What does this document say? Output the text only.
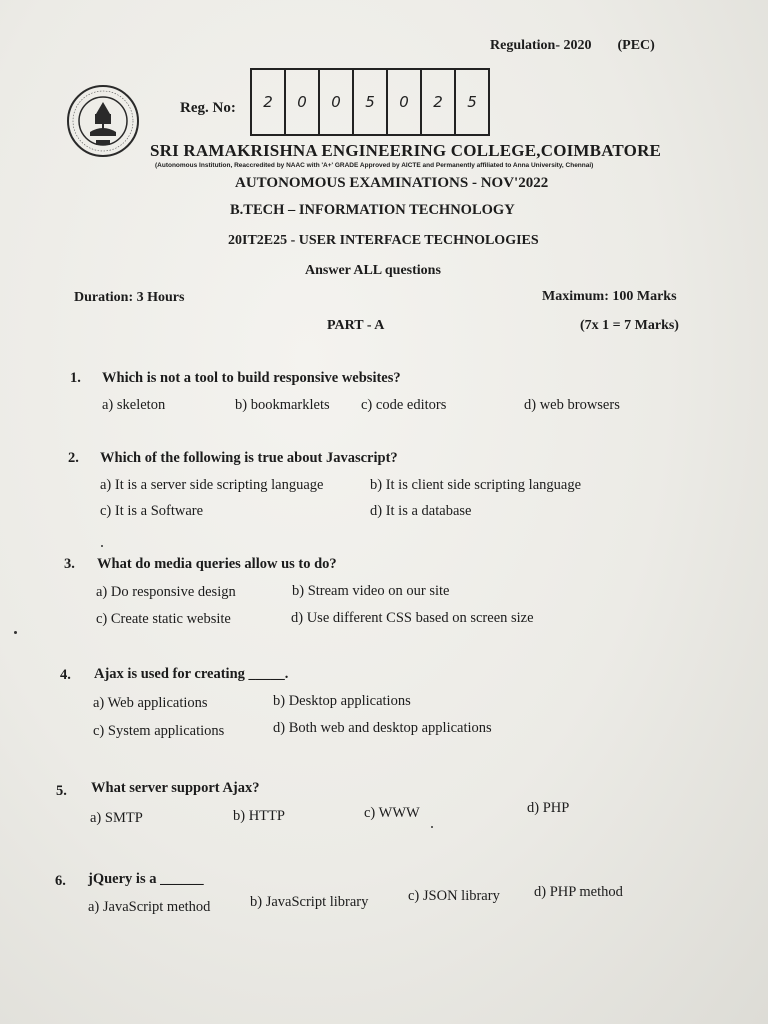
Regulation- 2020 (PEC)
Reg. No:	2	0	0	5	0	2	5
SRI RAMAKRISHNA ENGINEERING COLLEGE,COIMBATORE
(Autonomous Institution, Reaccredited by NAAC with 'A+' GRADE Approved by AICTE and Permanently affiliated to Anna University, Chennai)
AUTONOMOUS EXAMINATIONS - NOV'2022
B.TECH – INFORMATION TECHNOLOGY
20IT2E25 - USER INTERFACE TECHNOLOGIES
Answer ALL questions
Duration: 3 Hours	Maximum: 100 Marks
PART - A	(7x 1 = 7 Marks)
1. Which is not a tool to build responsive websites?
a) skeleton	b) bookmarklets c) code editors	d) web browsers
2. Which of the following is true about Javascript?
a) It is a server side scripting language	b) It is client side scripting language
c) It is a Software	d) It is a database
3. What do media queries allow us to do?
a) Do responsive design	b) Stream video on our site
c) Create static website	d) Use different CSS based on screen size
4. Ajax is used for creating _____.
a) Web applications	b) Desktop applications
c) System applications	d) Both web and desktop applications
5. What server support Ajax?
a) SMTP	b) HTTP	c) WWW	d) PHP
6. jQuery is a ______
a) JavaScript method	b) JavaScript library	c) JSON library d) PHP method
